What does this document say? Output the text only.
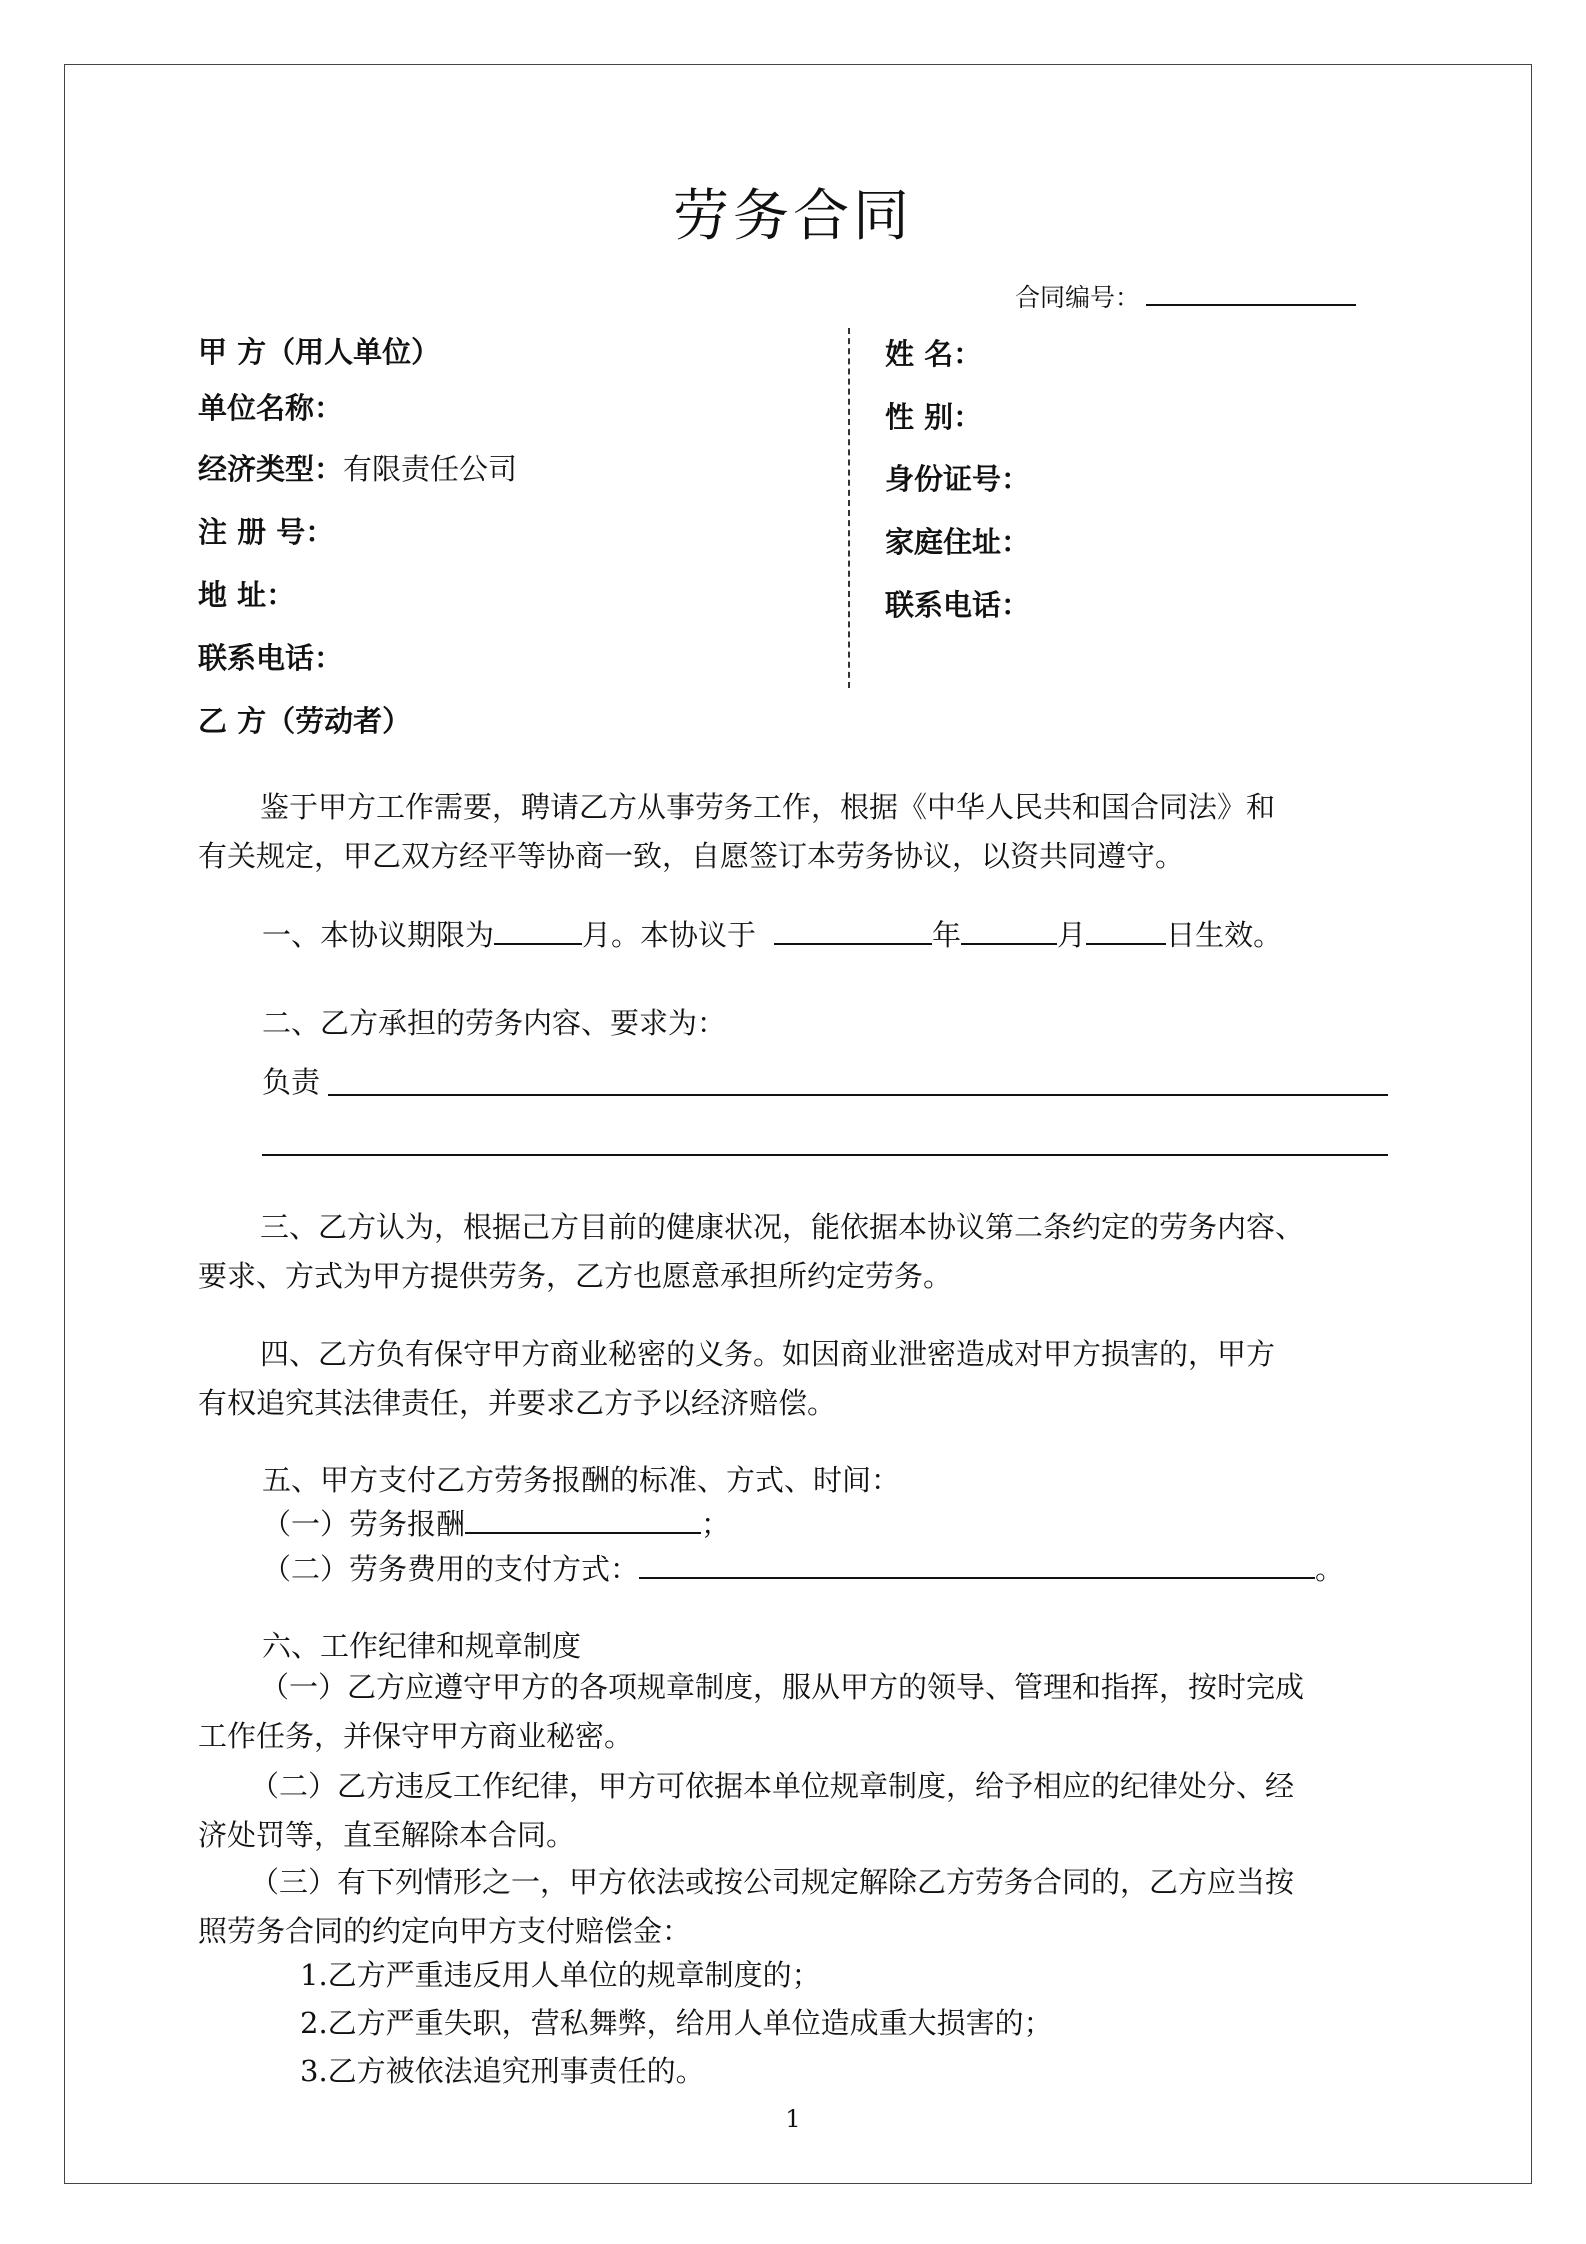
劳务合同
合同编号：
甲 方（用人单位）
单位名称：
经济类型：有限责任公司
注 册 号：
地 址：
联系电话：
乙 方（劳动者）
姓 名：
性 别：
身份证号：
家庭住址：
联系电话：
鉴于甲方工作需要，聘请乙方从事劳务工作，根据《中华人民共和国合同法》和
有关规定，甲乙双方经平等协商一致，自愿签订本劳务协议，以资共同遵守。
一、本协议期限为	月。本协议于	年	月	日生效。
二、乙方承担的劳务内容、要求为：
负责
三、乙方认为，根据己方目前的健康状况，能依据本协议第二条约定的劳务内容、
要求、方式为甲方提供劳务，乙方也愿意承担所约定劳务。
四、乙方负有保守甲方商业秘密的义务。如因商业泄密造成对甲方损害的，甲方
有权追究其法律责任，并要求乙方予以经济赔偿。
五、甲方支付乙方劳务报酬的标准、方式、时间：
（一）劳务报酬	；
（二）劳务费用的支付方式：	。
六、工作纪律和规章制度
（一）乙方应遵守甲方的各项规章制度，服从甲方的领导、管理和指挥，按时完成
工作任务，并保守甲方商业秘密。
（二）乙方违反工作纪律，甲方可依据本单位规章制度，给予相应的纪律处分、经
济处罚等，直至解除本合同。
（三）有下列情形之一，甲方依法或按公司规定解除乙方劳务合同的，乙方应当按
照劳务合同的约定向甲方支付赔偿金：
1.乙方严重违反用人单位的规章制度的；
2.乙方严重失职，营私舞弊，给用人单位造成重大损害的；
3.乙方被依法追究刑事责任的。
1
